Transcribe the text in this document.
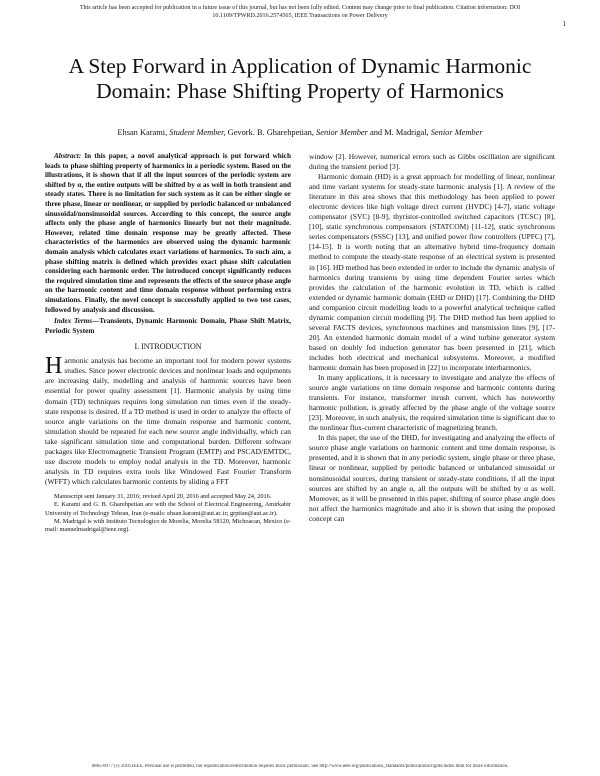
This article has been accepted for publication in a future issue of this journal, but has not been fully edited. Content may change prior to final publication. Citation information: DOI 10.1109/TPWRD.2016.2574565, IEEE Transactions on Power Delivery
1
A Step Forward in Application of Dynamic Harmonic Domain: Phase Shifting Property of Harmonics
Ehsan Karami, Student Member, Gevork. B. Gharehpetian, Senior Member and M. Madrigal, Senior Member

Abstract: In this paper, a novel analytical approach is put forward which leads to phase shifting property of harmonics in a periodic system. Based on the illustrations, it is shown that if all the input sources of the periodic system are shifted by α, the entire outputs will be shifted by α as well in both transient and steady states. There is no limitation for such system as it can be either single or three phase, linear or nonlinear, or supplied by periodic balanced or unbalanced sinusoidal/nonsinusoidal sources. According to this concept, the source angle affects only the phase angle of harmonics linearly but not their magnitude. However, related time domain response may be greatly affected. These characteristics of the harmonics are observed using the dynamic harmonic domain analysis which calculates exact variations of harmonics. To such aim, a phase shifting matrix is defined which provides exact phase shift calculation considering each harmonic order. The introduced concept significantly reduces the required simulation time and represents the effects of the source phase angle on the harmonic content and time domain response without performing extra simulations. Finally, the novel concept is successfully applied to two test cases, followed by analysis and discussion.

Index Terms—Transients, Dynamic Harmonic Domain, Phase Shift Matrix, Periodic System

I. INTRODUCTION

Harmonic analysis has become an important tool for modern power systems studies. Since power electronic devices and nonlinear loads and equipments are increasing daily, modelling and analysis of harmonic sources have been essential for power quality assessment [1]. Harmonic analysis by using time domain (TD) techniques requires long simulation run times even if the steady-state response is desired. If a TD method is used in order to analyze the effects of source angle variations on the time domain response and harmonic content, simulation should be repeated for each new source angle individually, which can take significant simulation time and computational burden. Different software packages like Electromagnetic Transient Program (EMTP) and PSCAD/EMTDC, use discrete models to employ nodal analysis in the TD. Moreover, harmonic analysis in TD requires extra tools like Windowed Fast Fourier Transform (WFFT) which calculates harmonic contents by sliding a FFT

Manuscript sent January 31, 2016; revised April 20, 2016 and accepted May 24, 2016.

E. Karami and G. B. Gharehpetian are with the School of Electrical Engineering, Amirkabir University of Technology Tehran, Iran (e-mails: ehsan.karami@aut.ac.ir; grptian@aut.ac.ir).

M. Madrigal is with Instituto Tecnologico de Morelia, Morelia 58120, Michoacan, Mexico (e-mail: manuelmadrigal@ieee.org).

window [2]. However, numerical errors such as Gibbs oscillation are significant during the transient period [3].

Harmonic domain (HD) is a great approach for modelling of linear, nonlinear and time variant systems for steady-state harmonic analysis [1]. A review of the literature in this area shows that this methodology has been applied to power electronic devices like high voltage direct current (HVDC) [4-7], static voltage compensator (SVC) [8-9], thyristor-controlled switched capacitors (TCSC) [8], [10], static synchronous compensators (STATCOM) [11-12], static synchronous series compensators (SSSC) [13], and unified power flow controllers (UPFC) [7], [14-15]. It is worth noting that an alternative hybrid time-frequency domain method to compute the steady-state response of an electrical system is presented in [16]. HD method has been extended in order to include the dynamic analysis of harmonics during transients by using time dependent Fourier series which provides the calculation of the harmonic evolution in TD, which is called extended or dynamic harmonic domain (EHD or DHD) [17]. Combining the DHD and companion circuit modelling leads to a powerful analytical technique called dynamic companion circuit modelling [9]. The DHD method has been applied to several FACTS devices, synchronous machines and transmission lines [9], [17-20]. An extended harmonic domain model of a wind turbine generator system based on doubly fed induction generator has been presented in [21], which includes both electrical and mechanical subsystems. Moreover, a modified harmonic domain has been proposed in [22] to incorporate interharmonics.

In many applications, it is necessary to investigate and analyze the effects of source angle variations on time domain response and harmonic contents during transients. For instance, transformer inrush current, which has noteworthy harmonic pollution, is greatly affected by the phase angle of the voltage source [23]. Moreover, in such analysis, the required simulation time is significant due to the nonlinear flux-current characteristic of magnetizing branch.

In this paper, the use of the DHD, for investigating and analyzing the effects of source phase angle variations on harmonic content and time domain response, is presented, and it is shown that in any periodic system, single phase or three phase, linear or nonlinear, supplied by periodic balanced or unbalanced sinusoidal or nonsinusoidal sources, during transient or steady-state conditions, if all the input sources are shifted by an angle α, all the outputs will be shifted by α as well. Moreover, as it will be presented in this paper, shifting of source phase angle does not affect the harmonics magnitude and also it is shown that using the proposed concept can

0885-8977 (c) 2016 IEEE. Personal use is permitted, but republication/redistribution requires IEEE permission. See http://www.ieee.org/publications_standards/publications/rights/index.html for more information.
